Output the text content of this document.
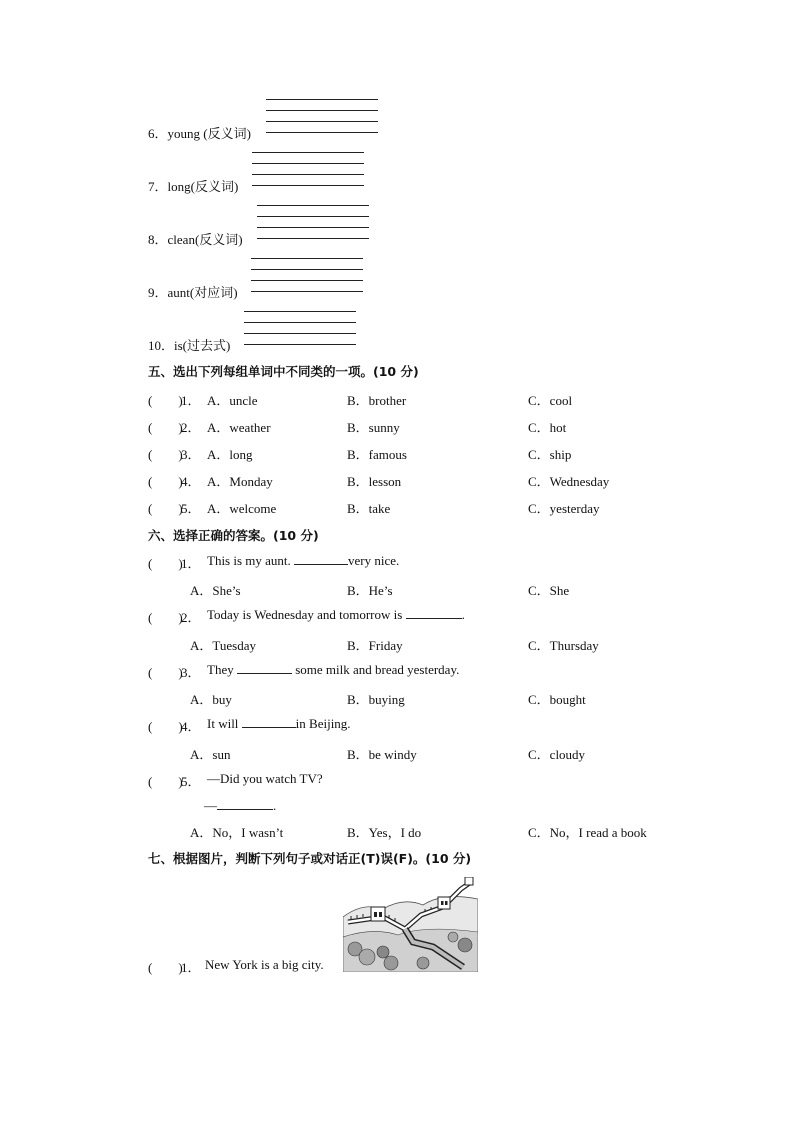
6．young (反义词)
7．long(反义词)
8．clean(反义词)
9．aunt(对应词)
10．is(过去式)
五、选出下列每组单词中不同类的一项。(10 分)
(　　)
1． A．uncle	B．brother	C．cool
(　　)
2． A．weather	B．sunny	C．hot
(　　)
3． A．long	B．famous	C．ship
(　　)
4． A．Monday	B．lesson	C．Wednesday
(　　)
5． A．welcome	B．take	C．yesterday
六、选择正确的答案。(10 分)
(　　)
1． This is my aunt.	very nice.
A．She’s	B．He’s	C．She
(　　)
2． Today is Wednesday and tomorrow is	.
A．Tuesday	B．Friday	C．Thursday
(　　)
3． They	some milk and bread yesterday.
A．buy	B．buying	C．bought
(　　)
4． It will	in Beijing.
A．sun	B．be windy	C．cloudy
(　　)
5． —Did you watch TV?
—	.
A．No，I wasn’t	B．Yes，I do	C．No，I read a book
七、根据图片，判断下列句子或对话正(T)误(F)。(10 分)
(　　)
1． New York is a big city.
